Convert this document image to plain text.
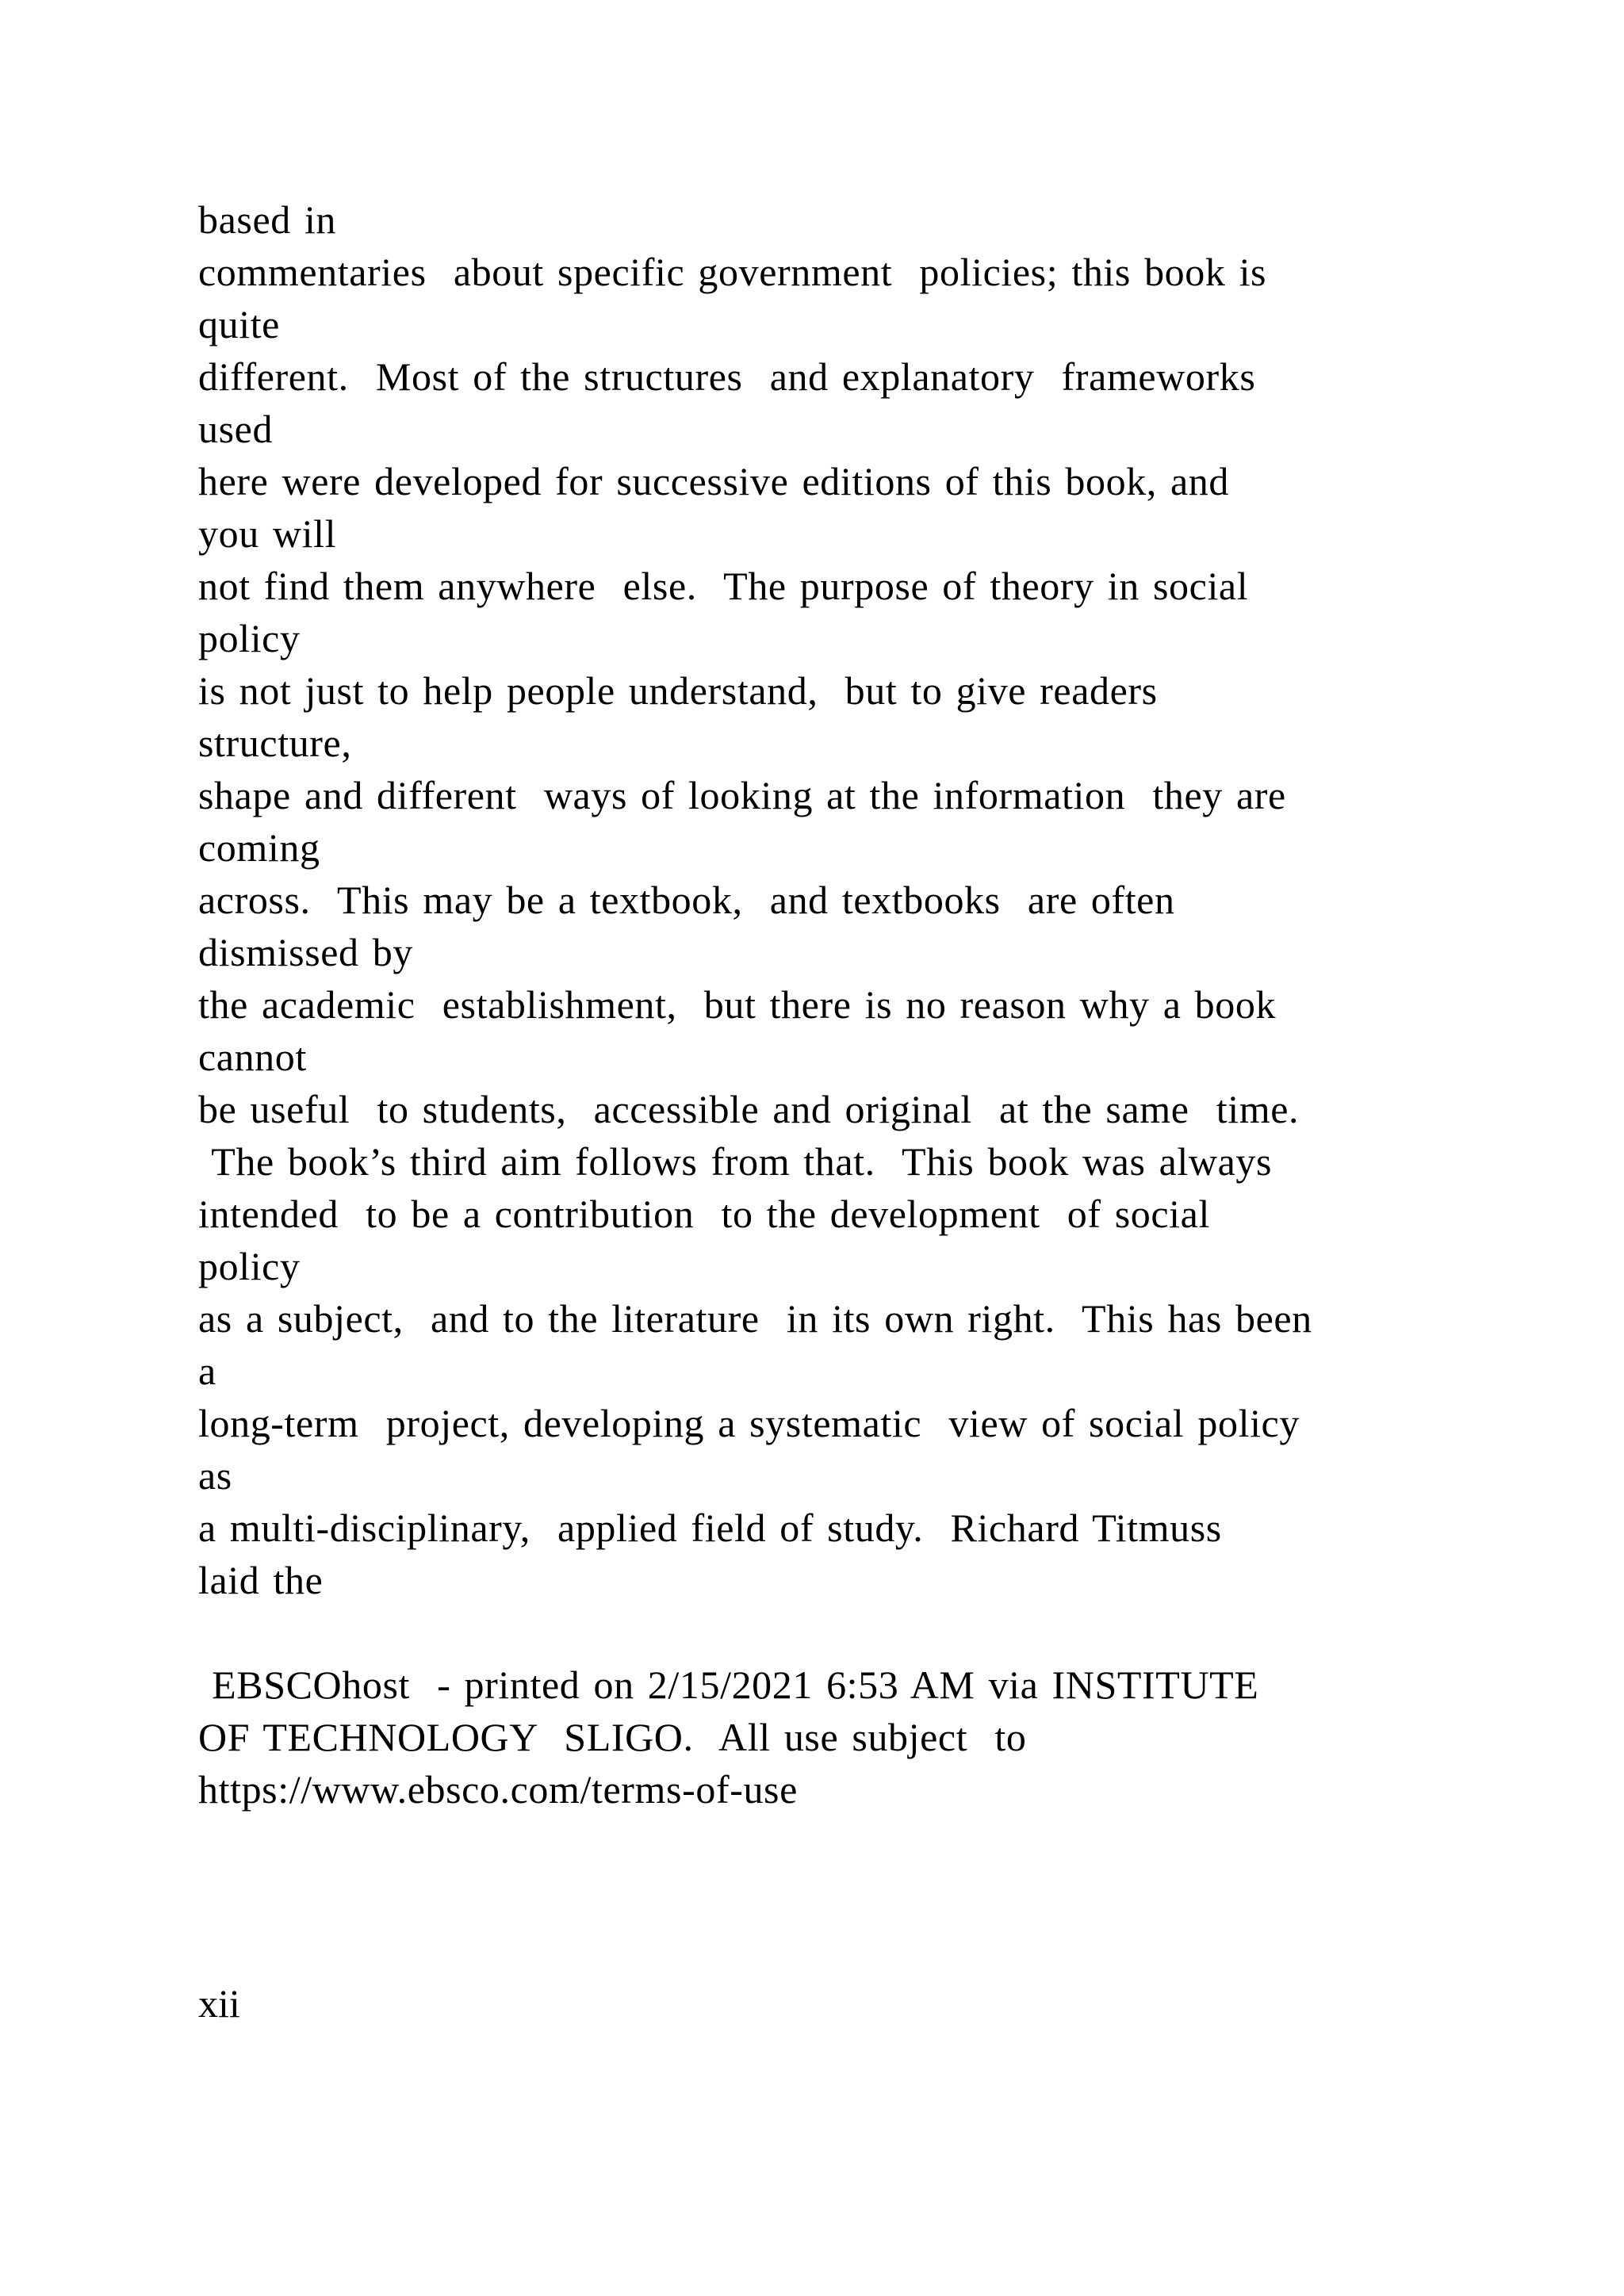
based in
commentaries  about specific government  policies; this book is
quite
different.  Most of the structures  and explanatory  frameworks
used
here were developed for successive editions of this book, and
you will
not find them anywhere  else.  The purpose of theory in social
policy
is not just to help people understand,  but to give readers
structure,
shape and different  ways of looking at the information  they are
coming
across.  This may be a textbook,  and textbooks  are often
dismissed by
the academic  establishment,  but there is no reason why a book
cannot
be useful  to students,  accessible and original  at the same  time.
The book’s third aim follows from that.  This book was always
intended  to be a contribution  to the development  of social
policy
as a subject,  and to the literature  in its own right.  This has been
a
long-term  project, developing a systematic  view of social policy
as
a multi-disciplinary,  applied field of study.  Richard Titmuss
laid the
EBSCOhost  - printed on 2/15/2021 6:53 AM via INSTITUTE
OF TECHNOLOGY  SLIGO.  All use subject  to
https://www.ebsco.com/terms-of-use
xii
